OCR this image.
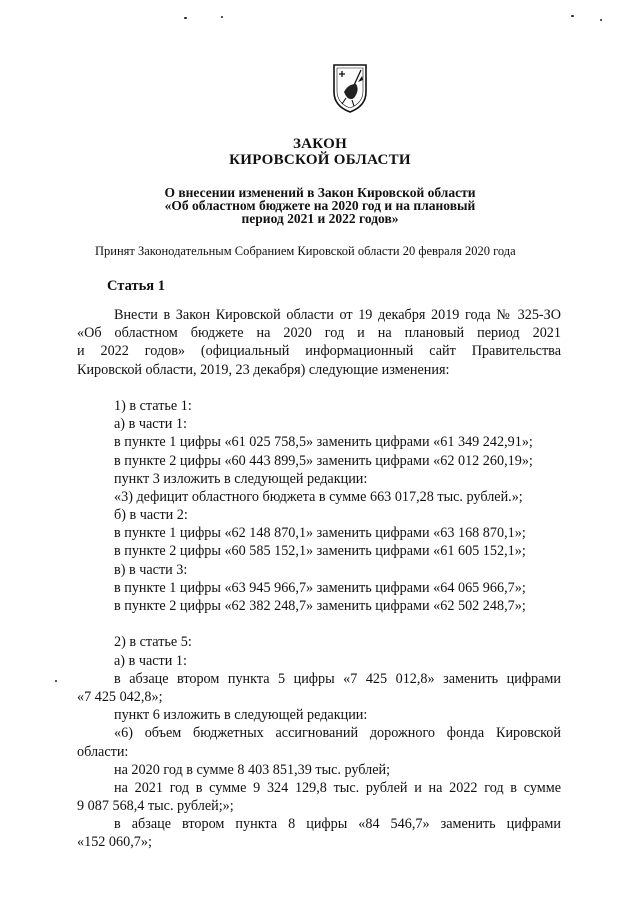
ЗАКОН
КИРОВСКОЙ ОБЛАСТИ
О внесении изменений в Закон Кировской области
«Об областном бюджете на 2020 год и на плановый
период 2021 и 2022 годов»
Принят Законодательным Собранием Кировской области 20 февраля 2020 года
Статья 1
Внести в Закон Кировской области от 19 декабря 2019 года № 325-ЗО
«Об областном бюджете на 2020 год и на плановый период 2021
и 2022 годов» (официальный информационный сайт Правительства
Кировской области, 2019, 23 декабря) следующие изменения:
1) в статье 1:
а) в части 1:
в пункте 1 цифры «61 025 758,5» заменить цифрами «61 349 242,91»;
в пункте 2 цифры «60 443 899,5» заменить цифрами «62 012 260,19»;
пункт 3 изложить в следующей редакции:
«3) дефицит областного бюджета в сумме 663 017,28 тыс. рублей.»;
б) в части 2:
в пункте 1 цифры «62 148 870,1» заменить цифрами «63 168 870,1»;
в пункте 2 цифры «60 585 152,1» заменить цифрами «61 605 152,1»;
в) в части 3:
в пункте 1 цифры «63 945 966,7» заменить цифрами «64 065 966,7»;
в пункте 2 цифры «62 382 248,7» заменить цифрами «62 502 248,7»;
2) в статье 5:
а) в части 1:
в абзаце втором пункта 5 цифры «7 425 012,8» заменить цифрами
«7 425 042,8»;
пункт 6 изложить в следующей редакции:
«6) объем бюджетных ассигнований дорожного фонда Кировской
области:
на 2020 год в сумме 8 403 851,39 тыс. рублей;
на 2021 год в сумме 9 324 129,8 тыс. рублей и на 2022 год в сумме
9 087 568,4 тыс. рублей;»;
в абзаце втором пункта 8 цифры «84 546,7» заменить цифрами
«152 060,7»;
